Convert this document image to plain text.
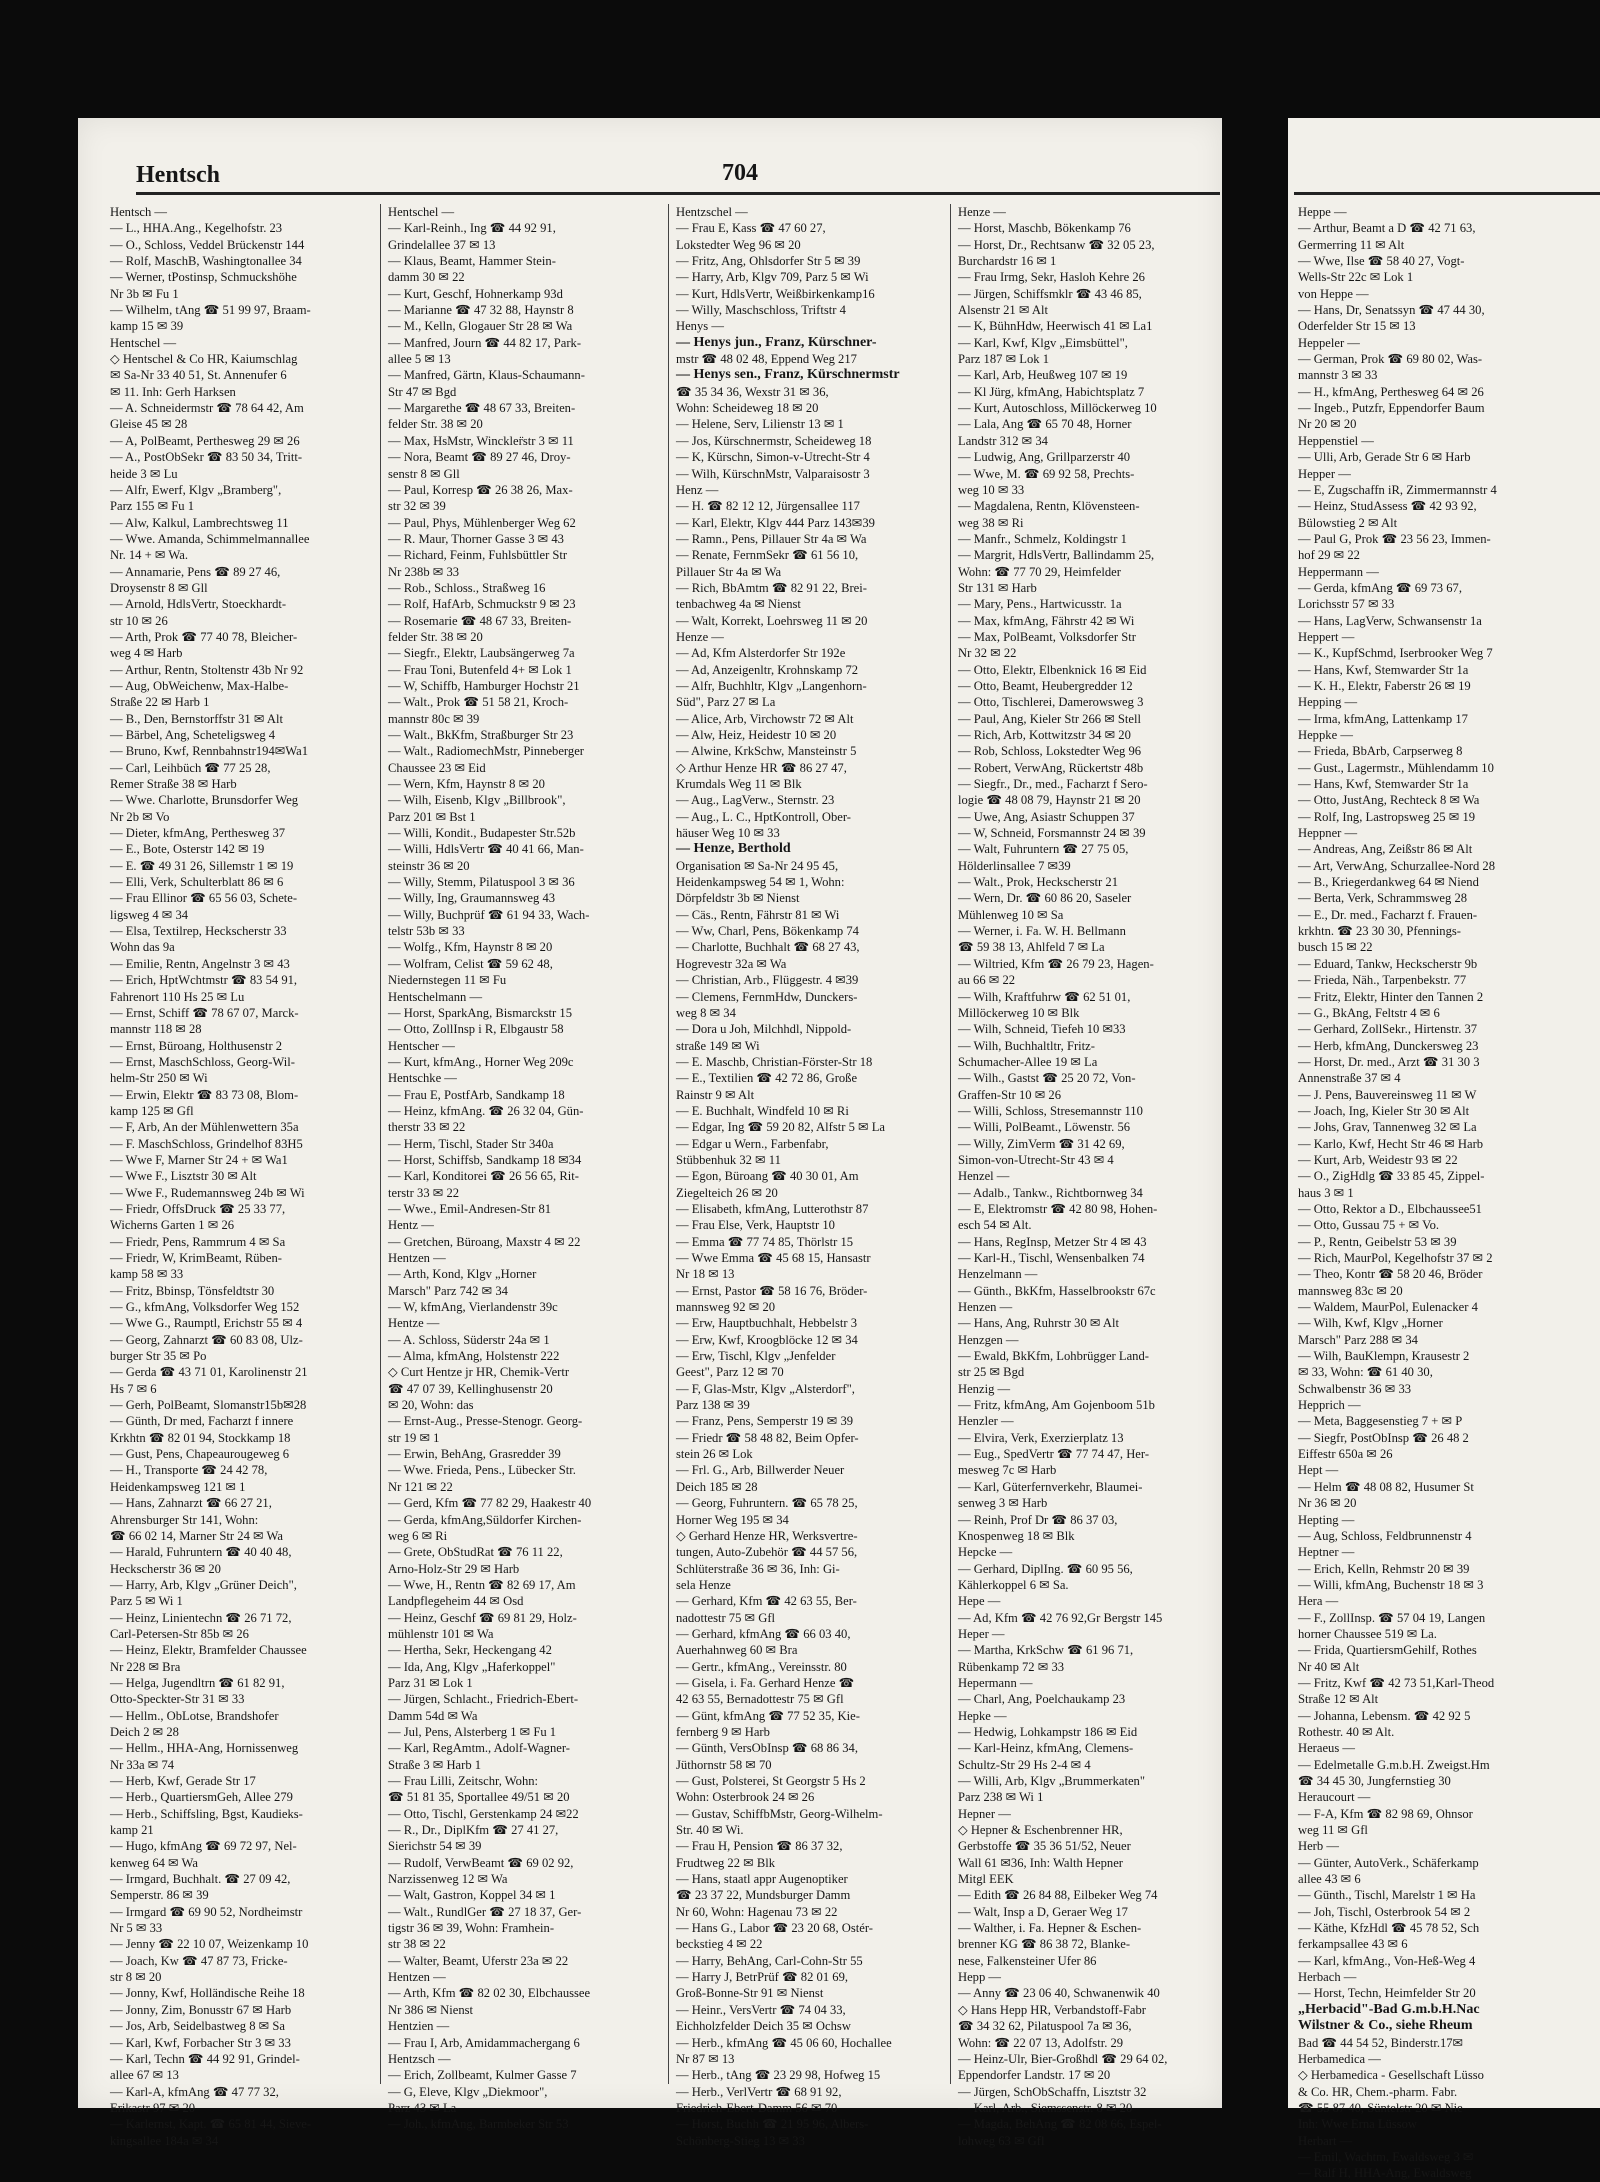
Hentsch	704
Hentsch —
— L., HHA.Ang., Kegelhofstr. 23
— O., Schloss, Veddel Brückenstr 144
— Rolf, MaschB, Washingtonallee 34
— Werner, tPostinsp, Schmuckshöhe
Nr 3b ✉ Fu 1
— Wilhelm, tAng ☎ 51 99 97, Braam-
kamp 15 ✉ 39
Hentschel —
◇ Hentschel & Co HR, Kaiumschlag
✉ Sa-Nr 33 40 51, St. Annenufer 6
✉ 11. Inh: Gerh Harksen
— A. Schneidermstr ☎ 78 64 42, Am
Gleise 45 ✉ 28
— A, PolBeamt, Perthesweg 29 ✉ 26
— A., PostObSekr ☎ 83 50 34, Tritt-
heide 3 ✉ Lu
— Alfr, Ewerf, Klgv „Bramberg",
Parz 155 ✉ Fu 1
— Alw, Kalkul, Lambrechtsweg 11
— Wwe. Amanda, Schimmelmannallee
Nr. 14 + ✉ Wa.
— Annamarie, Pens ☎ 89 27 46,
Droysenstr 8 ✉ Gll
— Arnold, HdlsVertr, Stoeckhardt-
str 10 ✉ 26
— Arth, Prok ☎ 77 40 78, Bleicher-
weg 4 ✉ Harb
— Arthur, Rentn, Stoltenstr 43b Nr 92
— Aug, ObWeichenw, Max-Halbe-
Straße 22 ✉ Harb 1
— B., Den, Bernstorffstr 31 ✉ Alt
— Bärbel, Ang, Scheteligsweg 4
— Bruno, Kwf, Rennbahnstr194✉Wa1
— Carl, Leihbüch ☎ 77 25 28,
Remer Straße 38 ✉ Harb
— Wwe. Charlotte, Brunsdorfer Weg
Nr 2b ✉ Vo
— Dieter, kfmAng, Perthesweg 37
— E., Bote, Osterstr 142 ✉ 19
— E. ☎ 49 31 26, Sillemstr 1 ✉ 19
— Elli, Verk, Schulterblatt 86 ✉ 6
— Frau Ellinor ☎ 65 56 03, Schete-
ligsweg 4 ✉ 34
— Elsa, Textilrep, Heckscherstr 33
Wohn das 9a
— Emilie, Rentn, Angelnstr 3 ✉ 43
— Erich, HptWchtmstr ☎ 83 54 91,
Fahrenort 110 Hs 25 ✉ Lu
— Ernst, Schiff ☎ 78 67 07, Marck-
mannstr 118 ✉ 28
— Ernst, Büroang, Holthusenstr 2
— Ernst, MaschSchloss, Georg-Wil-
helm-Str 250 ✉ Wi
— Erwin, Elektr ☎ 83 73 08, Blom-
kamp 125 ✉ Gfl
— F, Arb, An der Mühlenwettern 35a
— F. MaschSchloss, Grindelhof 83H5
— Wwe F, Marner Str 24 + ✉ Wa1
— Wwe F., Lisztstr 30 ✉ Alt
— Wwe F., Rudemannsweg 24b ✉ Wi
— Friedr, OffsDruck ☎ 25 33 77,
Wicherns Garten 1 ✉ 26
— Friedr, Pens, Rammrum 4 ✉ Sa
— Friedr, W, KrimBeamt, Rüben-
kamp 58 ✉ 33
— Fritz, Bbinsp, Tönsfeldtstr 30
— G., kfmAng, Volksdorfer Weg 152
— Wwe G., Raumptl, Erichstr 55 ✉ 4
— Georg, Zahnarzt ☎ 60 83 08, Ulz-
burger Str 35 ✉ Po
— Gerda ☎ 43 71 01, Karolinenstr 21
Hs 7 ✉ 6
— Gerh, PolBeamt, Slomanstr15b✉28
— Günth, Dr med, Facharzt f innere
Krkhtn ☎ 82 01 94, Stockkamp 18
— Gust, Pens, Chapeaurougeweg 6
— H., Transporte ☎ 24 42 78,
Heidenkampsweg 121 ✉ 1
— Hans, Zahnarzt ☎ 66 27 21,
Ahrensburger Str 141, Wohn:
☎ 66 02 14, Marner Str 24 ✉ Wa
— Harald, Fuhruntern ☎ 40 40 48,
Heckscherstr 36 ✉ 20
— Harry, Arb, Klgv „Grüner Deich",
Parz 5 ✉ Wi 1
— Heinz, Linientechn ☎ 26 71 72,
Carl-Petersen-Str 85b ✉ 26
— Heinz, Elektr, Bramfelder Chaussee
Nr 228 ✉ Bra
— Helga, Jugendltrn ☎ 61 82 91,
Otto-Speckter-Str 31 ✉ 33
— Hellm., ObLotse, Brandshofer
Deich 2 ✉ 28
— Hellm., HHA-Ang, Hornissenweg
Nr 33a ✉ 74
— Herb, Kwf, Gerade Str 17
— Herb., QuartiersmGeh, Allee 279
— Herb., Schiffsling, Bgst, Kaudieks-
kamp 21
— Hugo, kfmAng ☎ 69 72 97, Nel-
kenweg 64 ✉ Wa
— Irmgard, Buchhalt. ☎ 27 09 42,
Semperstr. 86 ✉ 39
— Irmgard ☎ 69 90 52, Nordheimstr
Nr 5 ✉ 33
— Jenny ☎ 22 10 07, Weizenkamp 10
— Joach, Kw ☎ 47 87 73, Fricke-
str 8 ✉ 20
— Jonny, Kwf, Holländische Reihe 18
— Jonny, Zim, Bonusstr 67 ✉ Harb
— Jos, Arb, Seidelbastweg 8 ✉ Sa
— Karl, Kwf, Forbacher Str 3 ✉ 33
— Karl, Techn ☎ 44 92 91, Grindel-
allee 67 ✉ 13
— Karl-A, kfmAng ☎ 47 77 32,
Erikastr 97 ✉ 20
— Karlernst, Kapt. ☎ 65 81 44, Sieve-
kingsallee 184a ✉ 34
Hentschel —
— Karl-Reinh., Ing ☎ 44 92 91,
Grindelallee 37 ✉ 13
— Klaus, Beamt, Hammer Stein-
damm 30 ✉ 22
— Kurt, Geschf, Hohnerkamp 93d
— Marianne ☎ 47 32 88, Haynstr 8
— M., Kelln, Glogauer Str 28 ✉ Wa
— Manfred, Journ ☎ 44 82 17, Park-
allee 5 ✉ 13
— Manfred, Gärtn, Klaus-Schaumann-
Str 47 ✉ Bgd
— Margarethe ☎ 48 67 33, Breiten-
felder Str. 38 ✉ 20
— Max, HsMstr, Winckler̈str 3 ✉ 11
— Nora, Beamt ☎ 89 27 46, Droy-
senstr 8 ✉ Gll
— Paul, Korresp ☎ 26 38 26, Max-
str 32 ✉ 39
— Paul, Phys, Mühlenberger Weg 62
— R. Maur, Thorner Gasse 3 ✉ 43
— Richard, Feinm, Fuhlsbüttler Str
Nr 238b ✉ 33
— Rob., Schloss., Straßweg 16
— Rolf, HafArb, Schmuckstr 9 ✉ 23
— Rosemarie ☎ 48 67 33, Breiten-
felder Str. 38 ✉ 20
— Siegfr., Elektr, Laubsängerweg 7a
— Frau Toni, Butenfeld 4+ ✉ Lok 1
— W, Schiffb, Hamburger Hochstr 21
— Walt., Prok ☎ 51 58 21, Kroch-
mannstr 80c ✉ 39
— Walt., BkKfm, Straßburger Str 23
— Walt., RadiomechMstr, Pinneberger
Chaussee 23 ✉ Eid
— Wern, Kfm, Haynstr 8 ✉ 20
— Wilh, Eisenb, Klgv „Billbrook",
Parz 201 ✉ Bst 1
— Willi, Kondit., Budapester Str.52b
— Willi, HdlsVertr ☎ 40 41 66, Man-
steinstr 36 ✉ 20
— Willy, Stemm, Pilatuspool 3 ✉ 36
— Willy, Ing, Graumannsweg 43
— Willy, Buchprüf ☎ 61 94 33, Wach-
telstr 53b ✉ 33
— Wolfg., Kfm, Haynstr 8 ✉ 20
— Wolfram, Celist ☎ 59 62 48,
Niedernstegen 11 ✉ Fu
Hentschelmann —
— Horst, SparkAng, Bismarckstr 15
— Otto, ZollInsp i R, Elbgaustr 58
Hentscher —
— Kurt, kfmAng., Horner Weg 209c
Hentschke —
— Frau E, PostfArb, Sandkamp 18
— Heinz, kfmAng. ☎ 26 32 04, Gün-
therstr 33 ✉ 22
— Herm, Tischl, Stader Str 340a
— Horst, Schiffsb, Sandkamp 18 ✉34
— Karl, Konditorei ☎ 26 56 65, Rit-
terstr 33 ✉ 22
— Wwe., Emil-Andresen-Str 81
Hentz —
— Gretchen, Büroang, Maxstr 4 ✉ 22
Hentzen —
— Arth, Kond, Klgv „Horner
Marsch" Parz 742 ✉ 34
— W, kfmAng, Vierlandenstr 39c
Hentze —
— A. Schloss, Süderstr 24a ✉ 1
— Alma, kfmAng, Holstenstr 222
◇ Curt Hentze jr HR, Chemik-Vertr
☎ 47 07 39, Kellinghusenstr 20
✉ 20, Wohn: das
— Ernst-Aug., Presse-Stenogr. Georg-
str 19 ✉ 1
— Erwin, BehAng, Grasredder 39
— Wwe. Frieda, Pens., Lübecker Str.
Nr 121 ✉ 22
— Gerd, Kfm ☎ 77 82 29, Haakestr 40
— Gerda, kfmAng,Süldorfer Kirchen-
weg 6 ✉ Ri
— Grete, ObStudRat ☎ 76 11 22,
Arno-Holz-Str 29 ✉ Harb
— Wwe, H., Rentn ☎ 82 69 17, Am
Landpflegeheim 44 ✉ Osd
— Heinz, Geschf ☎ 69 81 29, Holz-
mühlenstr 101 ✉ Wa
— Hertha, Sekr, Heckengang 42
— Ida, Ang, Klgv „Haferkoppel"
Parz 31 ✉ Lok 1
— Jürgen, Schlacht., Friedrich-Ebert-
Damm 54d ✉ Wa
— Jul, Pens, Alsterberg 1 ✉ Fu 1
— Karl, RegAmtm., Adolf-Wagner-
Straße 3 ✉ Harb 1
— Frau Lilli, Zeitschr, Wohn:
☎ 51 81 35, Sportallee 49/51 ✉ 20
— Otto, Tischl, Gerstenkamp 24 ✉22
— R., Dr., DiplKfm ☎ 27 41 27,
Sierichstr 54 ✉ 39
— Rudolf, VerwBeamt ☎ 69 02 92,
Narzissenweg 12 ✉ Wa
— Walt, Gastron, Koppel 34 ✉ 1
— Walt., RundlGer ☎ 27 18 37, Ger-
tigstr 36 ✉ 39, Wohn: Framhein-
str 38 ✉ 22
— Walter, Beamt, Uferstr 23a ✉ 22
Hentzen —
— Arth, Kfm ☎ 82 02 30, Elbchaussee
Nr 386 ✉ Nienst
Hentzien —
— Frau I, Arb, Amidammachergang 6
Hentzsch —
— Erich, Zollbeamt, Kulmer Gasse 7
— G, Eleve, Klgv „Diekmoor",
Parz 43 ✉ La
— Joh., kfmAng, Barmbeker Str 53
Hentzschel —
— Frau E, Kass ☎ 47 60 27,
Lokstedter Weg 96 ✉ 20
— Fritz, Ang, Ohlsdorfer Str 5 ✉ 39
— Harry, Arb, Klgv 709, Parz 5 ✉ Wi
— Kurt, HdlsVertr, Weißbirkenkamp16
— Willy, Maschschloss, Triftstr 4
Henys —
— Henys jun., Franz, Kürschner-
mstr ☎ 48 02 48, Eppend Weg 217
— Henys sen., Franz, Kürschnermstr
☎ 35 34 36, Wexstr 31 ✉ 36,
Wohn: Scheideweg 18 ✉ 20
— Helene, Serv, Lilienstr 13 ✉ 1
— Jos, Kürschnermstr, Scheideweg 18
— K, Kürschn, Simon-v-Utrecht-Str 4
— Wilh, KürschnMstr, Valparaisostr 3
Henz —
— H. ☎ 82 12 12, Jürgensallee 117
— Karl, Elektr, Klgv 444 Parz 143✉39
— Ramn., Pens, Pillauer Str 4a ✉ Wa
— Renate, FernmSekr ☎ 61 56 10,
Pillauer Str 4a ✉ Wa
— Rich, BbAmtm ☎ 82 91 22, Brei-
tenbachweg 4a ✉ Nienst
— Walt, Korrekt, Loehrsweg 11 ✉ 20
Henze —
— Ad, Kfm Alsterdorfer Str 192e
— Ad, Anzeigenltr, Krohnskamp 72
— Alfr, Buchhltr, Klgv „Langenhorn-
Süd", Parz 27 ✉ La
— Alice, Arb, Virchowstr 72 ✉ Alt
— Alw, Heiz, Heidestr 10 ✉ 20
— Alwine, KrkSchw, Mansteinstr 5
◇ Arthur Henze HR ☎ 86 27 47,
Krumdals Weg 11 ✉ Blk
— Aug., LagVerw., Sternstr. 23
— Aug., L. C., HptKontroll, Ober-
häuser Weg 10 ✉ 33
— Henze, Berthold
Organisation ✉ Sa-Nr 24 95 45,
Heidenkampsweg 54 ✉ 1, Wohn:
Dörpfeldstr 3b ✉ Nienst
— Cäs., Rentn, Fährstr 81 ✉ Wi
— Ww, Charl, Pens, Bökenkamp 74
— Charlotte, Buchhalt ☎ 68 27 43,
Hogrevestr 32a ✉ Wa
— Christian, Arb., Flüggestr. 4 ✉39
— Clemens, FernmHdw, Dunckers-
weg 8 ✉ 34
— Dora u Joh, Milchhdl, Nippold-
straße 149 ✉ Wi
— E. Maschb, Christian-Förster-Str 18
— E., Textilien ☎ 42 72 86, Große
Rainstr 9 ✉ Alt
— E. Buchhalt, Windfeld 10 ✉ Ri
— Edgar, Ing ☎ 59 20 82, Alfstr 5 ✉ La
— Edgar u Wern., Farbenfabr,
Stübbenhuk 32 ✉ 11
— Egon, Büroang ☎ 40 30 01, Am
Ziegelteich 26 ✉ 20
— Elisabeth, kfmAng, Lutterothstr 87
— Frau Else, Verk, Hauptstr 10
— Emma ☎ 77 74 85, Thörlstr 15
— Wwe Emma ☎ 45 68 15, Hansastr
Nr 18 ✉ 13
— Ernst, Pastor ☎ 58 16 76, Bröder-
mannsweg 92 ✉ 20
— Erw, Hauptbuchhalt, Hebbelstr 3
— Erw, Kwf, Kroogblöcke 12 ✉ 34
— Erw, Tischl, Klgv „Jenfelder
Geest", Parz 12 ✉ 70
— F, Glas-Mstr, Klgv „Alsterdorf",
Parz 138 ✉ 39
— Franz, Pens, Semperstr 19 ✉ 39
— Friedr ☎ 58 48 82, Beim Opfer-
stein 26 ✉ Lok
— Frl. G., Arb, Billwerder Neuer
Deich 185 ✉ 28
— Georg, Fuhruntern. ☎ 65 78 25,
Horner Weg 195 ✉ 34
◇ Gerhard Henze HR, Werksvertre-
tungen, Auto-Zubehör ☎ 44 57 56,
Schlüterstraße 36 ✉ 36, Inh: Gi-
sela Henze
— Gerhard, Kfm ☎ 42 63 55, Ber-
nadottestr 75 ✉ Gfl
— Gerhard, kfmAng ☎ 66 03 40,
Auerhahnweg 60 ✉ Bra
— Gertr., kfmAng., Vereinsstr. 80
— Gisela, i. Fa. Gerhard Henze ☎
42 63 55, Bernadottestr 75 ✉ Gfl
— Günt, kfmAng ☎ 77 52 35, Kie-
fernberg 9 ✉ Harb
— Günth, VersObInsp ☎ 68 86 34,
Jüthornstr 58 ✉ 70
— Gust, Polsterei, St Georgstr 5 Hs 2
Wohn: Osterbrook 24 ✉ 26
— Gustav, SchiffbMstr, Georg-Wilhelm-
Str. 40 ✉ Wi.
— Frau H, Pension ☎ 86 37 32,
Frudtweg 22 ✉ Blk
— Hans, staatl appr Augenoptiker
☎ 23 37 22, Mundsburger Damm
Nr 60, Wohn: Hagenau 73 ✉ 22
— Hans G., Labor ☎ 23 20 68, Ostér-
beckstieg 4 ✉ 22
— Harry, BehAng, Carl-Cohn-Str 55
— Harry J, BetrPrüf ☎ 82 01 69,
Groß-Bonne-Str 91 ✉ Nienst
— Heinr., VersVertr ☎ 74 04 33,
Eichholzfelder Deich 35 ✉ Ochsw
— Herb., kfmAng ☎ 45 06 60, Hochallee
Nr 87 ✉ 13
— Herb., tAng ☎ 23 29 98, Hofweg 15
— Herb., VerlVertr ☎ 68 91 92,
Friedrich-Ebert-Damm 56 ✉ 70
— Horst, Buchh ☎ 21 95 96, Albers-
Schönberg-Stieg 13 ✉ 33
Henze —
— Horst, Maschb, Bökenkamp 76
— Horst, Dr., Rechtsanw ☎ 32 05 23,
Burchardstr 16 ✉ 1
— Frau Irmg, Sekr, Hasloh Kehre 26
— Jürgen, Schiffsmklr ☎ 43 46 85,
Alsenstr 21 ✉ Alt
— K, BühnHdw, Heerwisch 41 ✉ La1
— Karl, Kwf, Klgv „Eimsbüttel",
Parz 187 ✉ Lok 1
— Karl, Arb, Heußweg 107 ✉ 19
— Kl Jürg, kfmAng, Habichtsplatz 7
— Kurt, Autoschloss, Millöckerweg 10
— Lala, Ang ☎ 65 70 48, Horner
Landstr 312 ✉ 34
— Ludwig, Ang, Grillparzerstr 40
— Wwe, M. ☎ 69 92 58, Prechts-
weg 10 ✉ 33
— Magdalena, Rentn, Klövensteen-
weg 38 ✉ Ri
— Manfr., Schmelz, Koldingstr 1
— Margrit, HdlsVertr, Ballindamm 25,
Wohn: ☎ 77 70 29, Heimfelder
Str 131 ✉ Harb
— Mary, Pens., Hartwicusstr. 1a
— Max, kfmAng, Fährstr 42 ✉ Wi
— Max, PolBeamt, Volksdorfer Str
Nr 32 ✉ 22
— Otto, Elektr, Elbenknick 16 ✉ Eid
— Otto, Beamt, Heubergredder 12
— Otto, Tischlerei, Damerowsweg 3
— Paul, Ang, Kieler Str 266 ✉ Stell
— Rich, Arb, Kottwitzstr 34 ✉ 20
— Rob, Schloss, Lokstedter Weg 96
— Robert, VerwAng, Rückertstr 48b
— Siegfr., Dr., med., Facharzt f Sero-
logie ☎ 48 08 79, Haynstr 21 ✉ 20
— Uwe, Ang, Asiastr Schuppen 37
— W, Schneid, Forsmannstr 24 ✉ 39
— Walt, Fuhruntern ☎ 27 75 05,
Hölderlinsallee 7 ✉39
— Walt., Prok, Heckscherstr 21
— Wern, Dr. ☎ 60 86 20, Saseler
Mühlenweg 10 ✉ Sa
— Werner, i. Fa. W. H. Bellmann
☎ 59 38 13, Ahlfeld 7 ✉ La
— Wiltried, Kfm ☎ 26 79 23, Hagen-
au 66 ✉ 22
— Wilh, Kraftfuhrw ☎ 62 51 01,
Millöckerweg 10 ✉ Blk
— Wilh, Schneid, Tiefeh 10 ✉33
— Wilh, Buchhaltltr, Fritz-
Schumacher-Allee 19 ✉ La
— Wilh., Gastst ☎ 25 20 72, Von-
Graffen-Str 10 ✉ 26
— Willi, Schloss, Stresemannstr 110
— Willi, PolBeamt., Löwenstr. 56
— Willy, ZimVerm ☎ 31 42 69,
Simon-von-Utrecht-Str 43 ✉ 4
Henzel —
— Adalb., Tankw., Richtbornweg 34
— E, Elektromstr ☎ 42 80 98, Hohen-
esch 54 ✉ Alt.
— Hans, RegInsp, Metzer Str 4 ✉ 43
— Karl-H., Tischl, Wensenbalken 74
Henzelmann —
— Günth., BkKfm, Hasselbrookstr 67c
Henzen —
— Hans, Ang, Ruhrstr 30 ✉ Alt
Henzgen —
— Ewald, BkKfm, Lohbrügger Land-
str 25 ✉ Bgd
Henzig —
— Fritz, kfmAng, Am Gojenboom 51b
Henzler —
— Elvira, Verk, Exerzierplatz 13
— Eug., SpedVertr ☎ 77 74 47, Her-
mesweg 7c ✉ Harb
— Karl, Güterfernverkehr, Blaumei-
senweg 3 ✉ Harb
— Reinh, Prof Dr ☎ 86 37 03,
Knospenweg 18 ✉ Blk
Hepcke —
— Gerhard, DiplIng. ☎ 60 95 56,
Kählerkoppel 6 ✉ Sa.
Hepe —
— Ad, Kfm ☎ 42 76 92,Gr Bergstr 145
Heper —
— Martha, KrkSchw ☎ 61 96 71,
Rübenkamp 72 ✉ 33
Hepermann —
— Charl, Ang, Poelchaukamp 23
Hepke —
— Hedwig, Lohkampstr 186 ✉ Eid
— Karl-Heinz, kfmAng, Clemens-
Schultz-Str 29 Hs 2-4 ✉ 4
— Willi, Arb, Klgv „Brummerkaten"
Parz 238 ✉ Wi 1
Hepner —
◇ Hepner & Eschenbrenner HR,
Gerbstoffe ☎ 35 36 51/52, Neuer
Wall 61 ✉36, Inh: Walth Hepner
Mitgl EEK
— Edith ☎ 26 84 88, Eilbeker Weg 74
— Walt, Insp a D, Geraer Weg 17
— Walther, i. Fa. Hepner & Eschen-
brenner KG ☎ 86 38 72, Blanke-
nese, Falkensteiner Ufer 86
Hepp —
— Anny ☎ 23 06 40, Schwanenwik 40
◇ Hans Hepp HR, Verbandstoff-Fabr
☎ 34 32 62, Pilatuspool 7a ✉ 36,
Wohn: ☎ 22 07 13, Adolfstr. 29
— Heinz-Ulr, Bier-Großhdl ☎ 29 64 02,
Eppendorfer Landstr. 17 ✉ 20
— Jürgen, SchObSchaffn, Lisztstr 32
— Karl, Arb., Siemssenstr. 8 ✉ 20
— Magda, BehAng ☎ 82 08 66, Espel-
lohweg 63 ✉ Gfl
Heppe —
— Arthur, Beamt a D ☎ 42 71 63,
Germerring 11 ✉ Alt
— Wwe, Ilse ☎ 58 40 27, Vogt-
Wells-Str 22c ✉ Lok 1
von Heppe —
— Hans, Dr, Senatssyn ☎ 47 44 30,
Oderfelder Str 15 ✉ 13
Heppeler —
— German, Prok ☎ 69 80 02, Was-
mannstr 3 ✉ 33
— H., kfmAng, Perthesweg 64 ✉ 26
— Ingeb., Putzfr, Eppendorfer Baum
Nr 20 ✉ 20
Heppenstiel —
— Ulli, Arb, Gerade Str 6 ✉ Harb
Hepper —
— E, Zugschaffn iR, Zimmermannstr 4
— Heinz, StudAssess ☎ 42 93 92,
Bülowstieg 2 ✉ Alt
— Paul G, Prok ☎ 23 56 23, Immen-
hof 29 ✉ 22
Heppermann —
— Gerda, kfmAng ☎ 69 73 67,
Lorichsstr 57 ✉ 33
— Hans, LagVerw, Schwansenstr 1a
Heppert —
— K., KupfSchmd, Iserbrooker Weg 7
— Hans, Kwf, Stemwarder Str 1a
— K. H., Elektr, Faberstr 26 ✉ 19
Hepping —
— Irma, kfmAng, Lattenkamp 17
Heppke —
— Frieda, BbArb, Carpserweg 8
— Gust., Lagermstr., Mühlendamm 10
— Hans, Kwf, Stemwarder Str 1a
— Otto, JustAng, Rechteck 8 ✉ Wa
— Rolf, Ing, Lastropsweg 25 ✉ 19
Heppner —
— Andreas, Ang, Zeißstr 86 ✉ Alt
— Art, VerwAng, Schurzallee-Nord 28
— B., Kriegerdankweg 64 ✉ Niend
— Berta, Verk, Schrammsweg 28
— E., Dr. med., Facharzt f. Frauen-
krkhtn. ☎ 23 30 30, Pfennings-
busch 15 ✉ 22
— Eduard, Tankw, Heckscherstr 9b
— Frieda, Näh., Tarpenbekstr. 77
— Fritz, Elektr, Hinter den Tannen 2
— G., BkAng, Feltstr 4 ✉ 6
— Gerhard, ZollSekr., Hirtenstr. 37
— Herb, kfmAng, Dunckersweg 23
— Horst, Dr. med., Arzt ☎ 31 30 3
Annenstraße 37 ✉ 4
— J. Pens, Bauvereinsweg 11 ✉ W
— Joach, Ing, Kieler Str 30 ✉ Alt
— Johs, Grav, Tannenweg 32 ✉ La
— Karlo, Kwf, Hecht Str 46 ✉ Harb
— Kurt, Arb, Weidestr 93 ✉ 22
— O., ZigHdlg ☎ 33 85 45, Zippel-
haus 3 ✉ 1
— Otto, Rektor a D., Elbchaussee51
— Otto, Gussau 75 + ✉ Vo.
— P., Rentn, Geibelstr 53 ✉ 39
— Rich, MaurPol, Kegelhofstr 37 ✉ 2
— Theo, Kontr ☎ 58 20 46, Bröder
mannsweg 83c ✉ 20
— Waldem, MaurPol, Eulenacker 4
— Wilh, Kwf, Klgv „Horner
Marsch" Parz 288 ✉ 34
— Wilh, BauKlempn, Krausestr 2
✉ 33, Wohn: ☎ 61 40 30,
Schwalbenstr 36 ✉ 33
Hepprich —
— Meta, Baggesenstieg 7 + ✉ P
— Siegfr, PostObInsp ☎ 26 48 2
Eiffestr 650a ✉ 26
Hept —
— Helm ☎ 48 08 82, Husumer St
Nr 36 ✉ 20
Hepting —
— Aug, Schloss, Feldbrunnenstr 4
Heptner —
— Erich, Kelln, Rehmstr 20 ✉ 39
— Willi, kfmAng, Buchenstr 18 ✉ 3
Hera —
— F., ZollInsp. ☎ 57 04 19, Langen
horner Chaussee 519 ✉ La.
— Frida, QuartiersmGehilf, Rothes
Nr 40 ✉ Alt
— Fritz, Kwf ☎ 42 73 51,Karl-Theod
Straße 12 ✉ Alt
— Johanna, Lebensm. ☎ 42 92 5
Rothestr. 40 ✉ Alt.
Heraeus —
— Edelmetalle G.m.b.H. Zweigst.Hm
☎ 34 45 30, Jungfernstieg 30
Heraucourt —
— F-A, Kfm ☎ 82 98 69, Ohnsor
weg 11 ✉ Gfl
Herb —
— Günter, AutoVerk., Schäferkamp
allee 43 ✉ 6
— Günth., Tischl, Marelstr 1 ✉ Ha
— Joh, Tischl, Osterbrook 54 ✉ 2
— Käthe, KfzHdl ☎ 45 78 52, Sch
ferkampsallee 43 ✉ 6
— Karl, kfmAng., Von-Heß-Weg 4
Herbach —
— Horst, Techn, Heimfelder Str 20
„Herbacid"-Bad G.m.b.H.Nac
Wilstner & Co., siehe Rheum
Bad ☎ 44 54 52, Binderstr.17✉
Herbamedica —
◇ Herbamedica - Gesellschaft Lüsso
& Co. HR, Chem.-pharm. Fabr.
☎ 55 87 40, Süntelstr 20 ✉ Nie
Inh: Wwe Erna Lüssow
Herbart —
— Emil, Wachtm, Ewaldsweg 3 ✉
— Ralf H, HHA-Ang, Ewaldsweg
